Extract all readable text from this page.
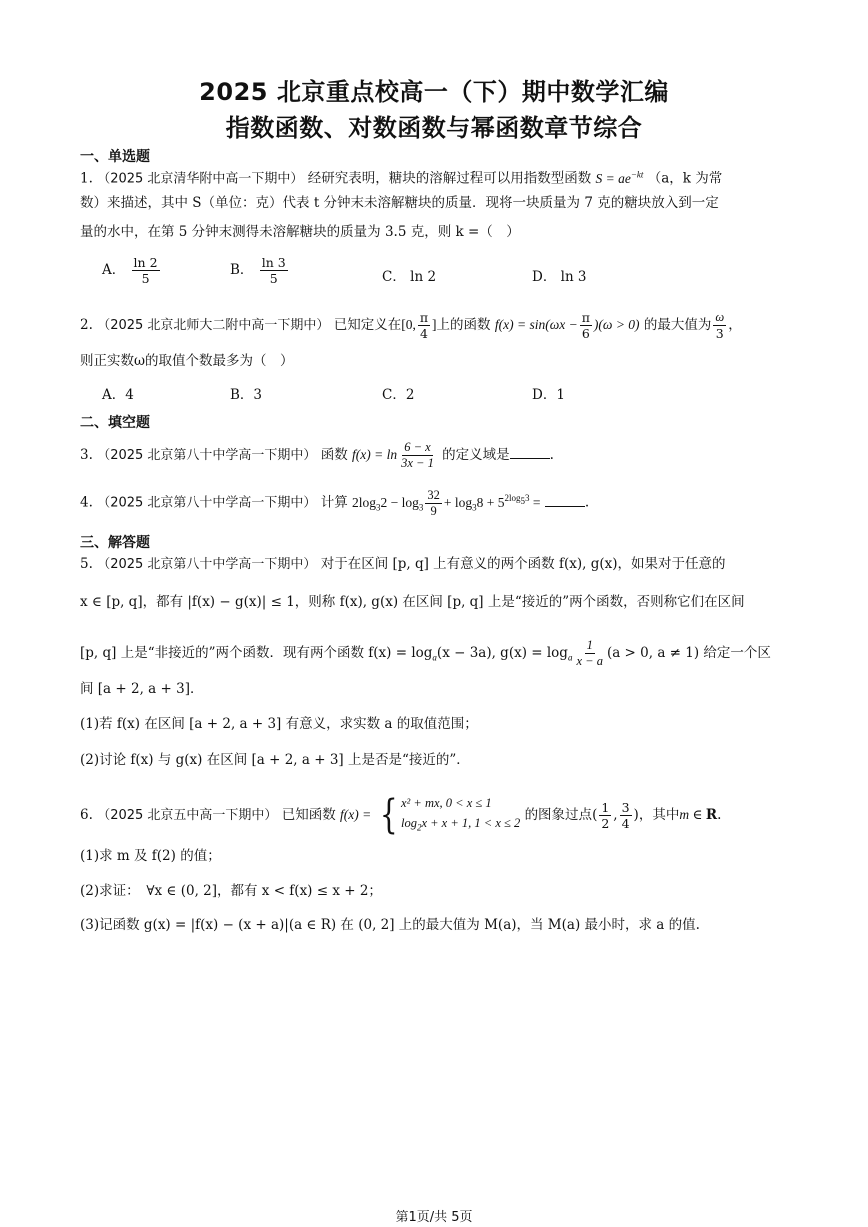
2025 北京重点校高一（下）期中数学汇编
指数函数、对数函数与幂函数章节综合
一、单选题
1. （2025 北京清华附中高一下期中） 经研究表明，糖块的溶解过程可以用指数型函数 $S = ae^{-kt}$ （a，k 为常
数）来描述，其中 S（单位：克）代表 t 分钟末未溶解糖块的质量．现将一块质量为 7 克的糖块放入到一定
量的水中，在第 5 分钟末测得未溶解糖块的质量为 3.5 克，则 k =（　）
A． $\frac{\ln 2}{5}$	B． $\frac{\ln 3}{5}$	C． ln 2	D． ln 3
2. （2025 北京北师大二附中高一下期中） 已知定义在[0, $\frac{\pi}{4}$ ]上的函数 $f(x) = \sin(\omega x - \frac{\pi}{6} )(\omega > 0)$ 的最大值为 $\frac{\omega}{3}$ ，
则正实数ω的取值个数最多为（　）
A．4	B．3	C．2	D．1
二、填空题
3. （2025 北京第八十中学高一下期中） 函数 $f(x) = \ln \frac{6 - x}{3x - 1}$ 的定义域是	.
4. （2025 北京第八十中学高一下期中） 计算 $2\log_32 - \log_3 \frac{32}{9} + \log_38 + 5^{2log_53}$ =	.
三、解答题
5. （2025 北京第八十中学高一下期中） 对于在区间 [p, q] 上有意义的两个函数 f(x), g(x)，如果对于任意的
x ∈ [p, q]，都有 |f(x) − g(x)| ≤ 1，则称 f(x), g(x) 在区间 [p, q] 上是“接近的”两个函数，否则称它们在区间
[p, q] 上是“非接近的”两个函数．现有两个函数 $f(x) = \log_a(x - 3a)$, $g(x) = \log_a \frac{1}{x - a} (a > 0$, a ≠ 1) 给定一个区
间 [a + 2, a + 3]．
(1)若 f(x) 在区间 [a + 2, a + 3] 有意义，求实数 a 的取值范围；
(2)讨论 f(x) 与 g(x) 在区间 [a + 2, a + 3] 上是否是“接近的”．
6. （2025 北京五中高一下期中） 已知函数 f(x) = { x² + mx, 0 < x ≤ 1
$\log_2x + x + 1$, 1 < x ≤ 2
的图象过点( $\frac{1}{2}$ , $\frac{3}{4}$ )，其中m ∈ R.
(1)求 m 及 f(2) 的值；
(2)求证：　∀x ∈ (0, 2]，都有 x < f(x) ≤ x + 2；
(3)记函数 g(x) = |f(x) − (x + a)|(a ∈ R) 在 (0, 2] 上的最大值为 M(a)，当 M(a) 最小时，求 a 的值.
第1页/共 5页
